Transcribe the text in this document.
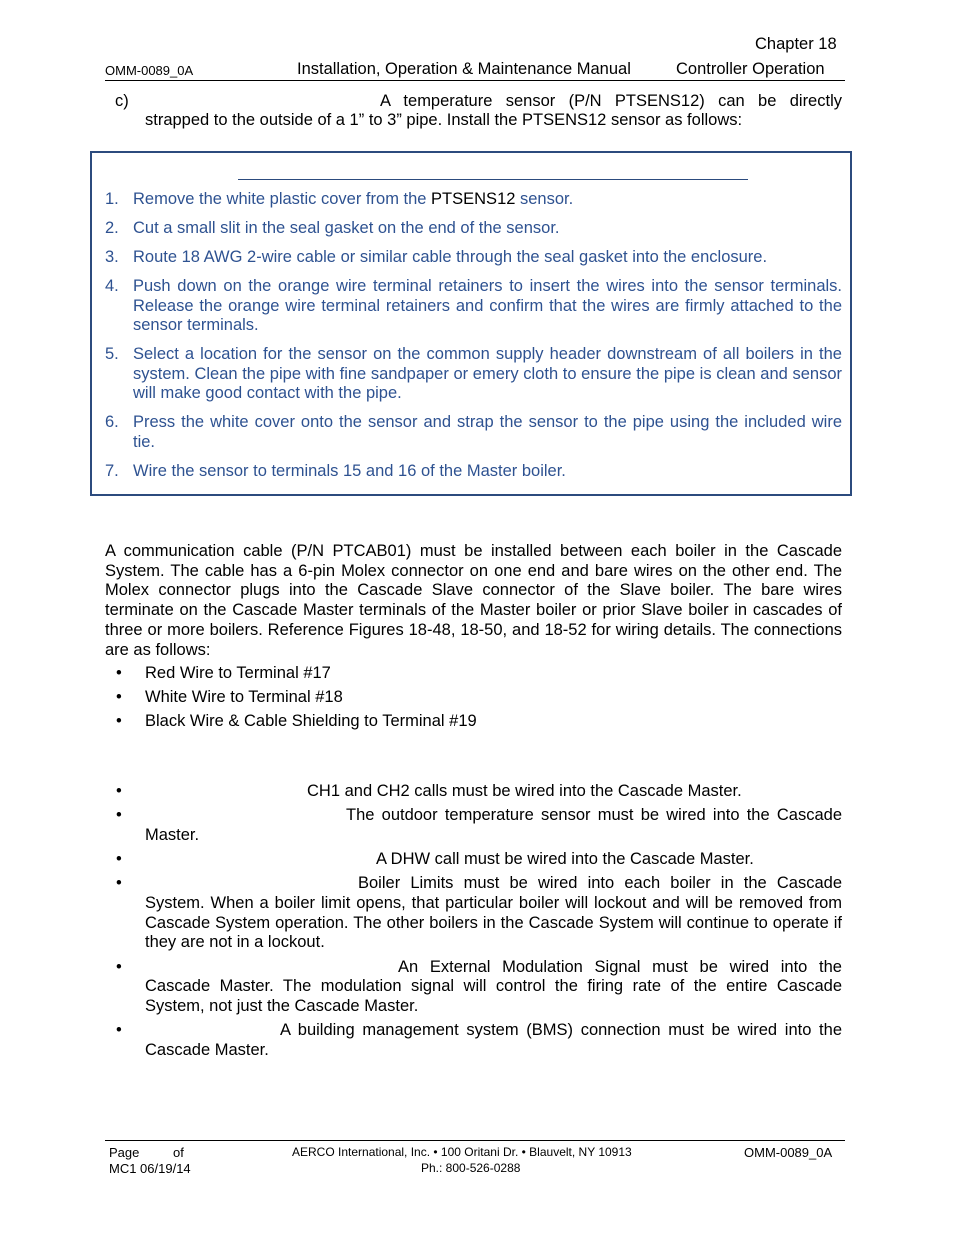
Chapter 18
OMM-0089_0A	Installation, Operation & Maintenance Manual	Controller Operation
c)	A temperature sensor (P/N PTSENS12) can be directly
strapped to the outside of a 1” to 3” pipe. Install the PTSENS12 sensor as follows:
1. Remove the white plastic cover from the PTSENS12 sensor.
2. Cut a small slit in the seal gasket on the end of the sensor.
3. Route 18 AWG 2-wire cable or similar cable through the seal gasket into the enclosure.
4. Push down on the orange wire terminal retainers to insert the wires into the sensor terminals. Release the orange wire terminal retainers and confirm that the wires are firmly attached to the sensor terminals.
5. Select a location for the sensor on the common supply header downstream of all boilers in the system. Clean the pipe with fine sandpaper or emery cloth to ensure the pipe is clean and sensor will make good contact with the pipe.
6. Press the white cover onto the sensor and strap the sensor to the pipe using the included wire tie.
7. Wire the sensor to terminals 15 and 16 of the Master boiler.

A communication cable (P/N PTCAB01) must be installed between each boiler in the Cascade System. The cable has a 6-pin Molex connector on one end and bare wires on the other end. The Molex connector plugs into the Cascade Slave connector of the Slave boiler. The bare wires terminate on the Cascade Master terminals of the Master boiler or prior Slave boiler in cascades of three or more boilers. Reference Figures 18-48, 18-50, and 18-52 for wiring details. The connections are as follows:

• Red Wire to Terminal #17
• White Wire to Terminal #18
• Black Wire & Cable Shielding to Terminal #19
•	CH1 and CH2 calls must be wired into the Cascade Master.
•	The outdoor temperature sensor must be wired into the Cascade Master.
•	A DHW call must be wired into the Cascade Master.
•	Boiler Limits must be wired into each boiler in the Cascade System. When a boiler limit opens, that particular boiler will lockout and will be removed from Cascade System operation. The other boilers in the Cascade System will continue to operate if they are not in a lockout.
•	An External Modulation Signal must be wired into the Cascade Master. The modulation signal will control the firing rate of the entire Cascade System, not just the Cascade Master.
•	A building management system (BMS) connection must be wired into the Cascade Master.
Page	of
MC1 06/19/14
AERCO International, Inc. • 100 Oritani Dr. • Blauvelt, NY 10913
Ph.: 800-526-0288
OMM-0089_0A
